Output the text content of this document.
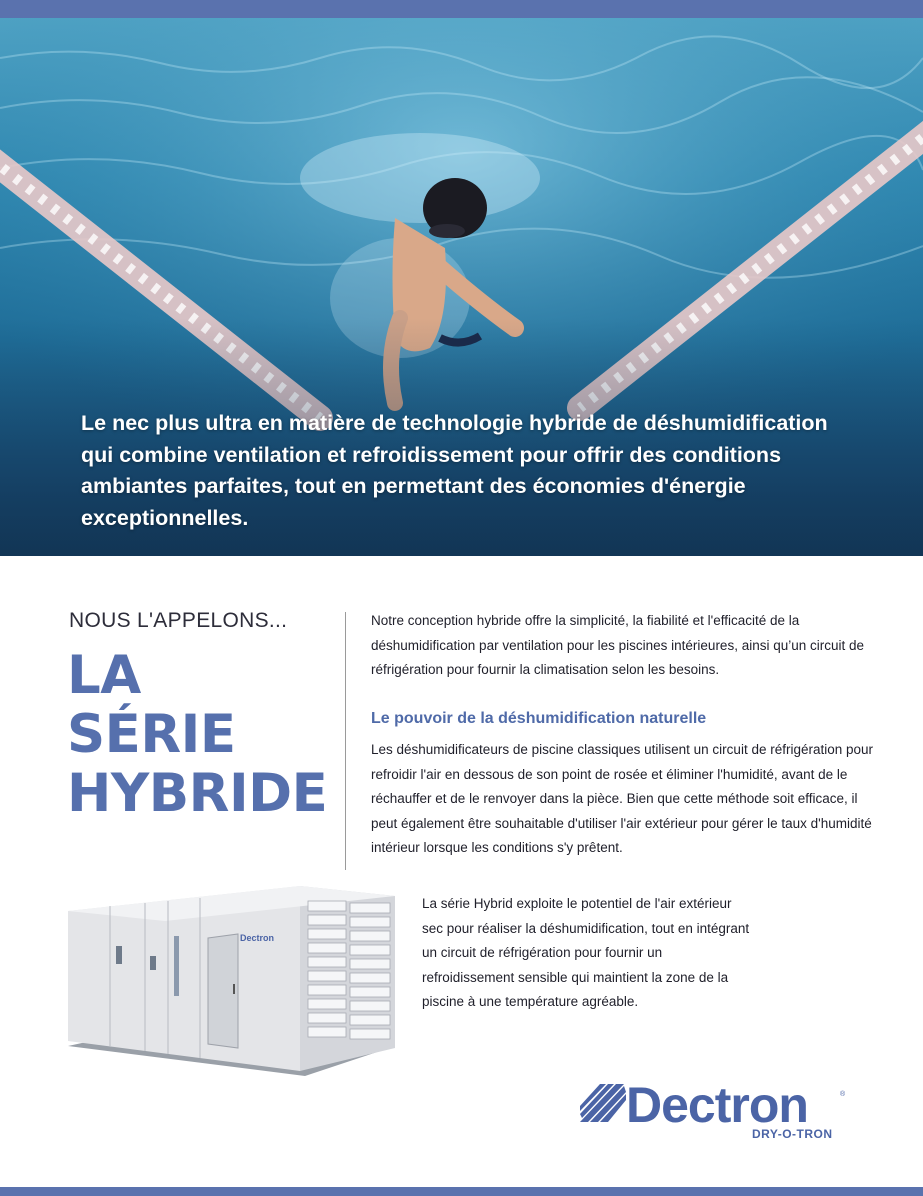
Le nec plus ultra en matière de technologie hybride de déshumidification qui combine ventilation et refroidissement pour offrir des conditions ambiantes parfaites, tout en permettant des économies d'énergie exceptionnelles.
NOUS L'APPELONS...
LA
SÉRIE
HYBRIDE
Notre conception hybride offre la simplicité, la fiabilité et l'efficacité de la déshumidification par ventilation pour les piscines intérieures, ainsi qu’un circuit de réfrigération pour fournir la climatisation selon les besoins.
Le pouvoir de la déshumidification naturelle
Les déshumidificateurs de piscine classiques utilisent un circuit de réfrigération pour refroidir l'air en dessous de son point de rosée et éliminer l'humidité, avant de le réchauffer et de le renvoyer dans la pièce. Bien que cette méthode soit efficace, il peut également être souhaitable d'utiliser l'air extérieur pour gérer le taux d'humidité intérieur lorsque les conditions s'y prêtent.
La série Hybrid exploite le potentiel de l'air extérieur sec pour réaliser la déshumidification, tout en intégrant un circuit de réfrigération pour fournir un refroidissement sensible qui maintient la zone de la piscine à une température agréable.
Dectron
Dectron	®
DRY-O-TRON
